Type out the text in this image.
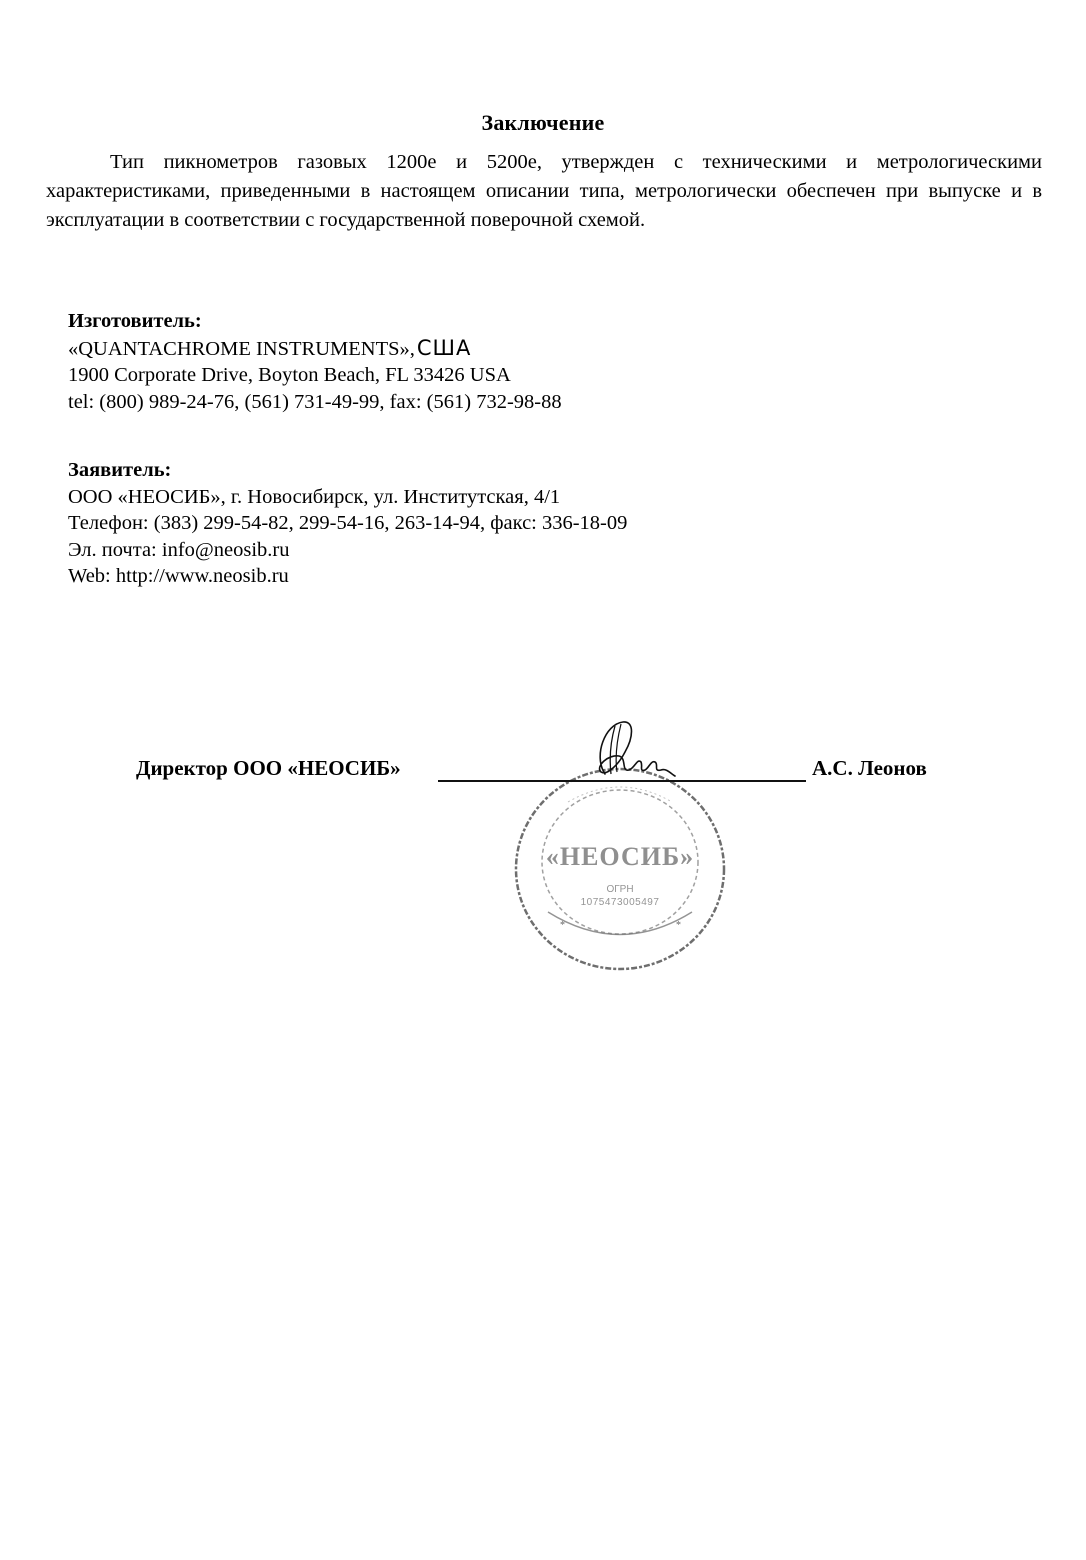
Заключение
Тип пикнометров газовых 1200e и 5200e, утвержден с техническими и метрологическими характеристиками, приведенными в настоящем описании типа, метрологически обеспечен при выпуске и в эксплуатации в соответствии с государственной поверочной схемой.
Изготовитель:
«QUANTACHROME INSTRUMENTS»,США
1900 Corporate Drive, Boyton Beach, FL 33426 USA
tel: (800) 989-24-76, (561) 731-49-99, fax: (561) 732-98-88
Заявитель:
ООО «НЕОСИБ», г. Новосибирск, ул. Институтская, 4/1
Телефон: (383) 299-54-82, 299-54-16, 263-14-94, факс: 336-18-09
Эл. почта: info@neosib.ru
Web: http://www.neosib.ru
*	*
«НЕОСИБ»
ОГРН
1075473005497
Директор ООО «НЕОСИБ»	А.С. Леонов
